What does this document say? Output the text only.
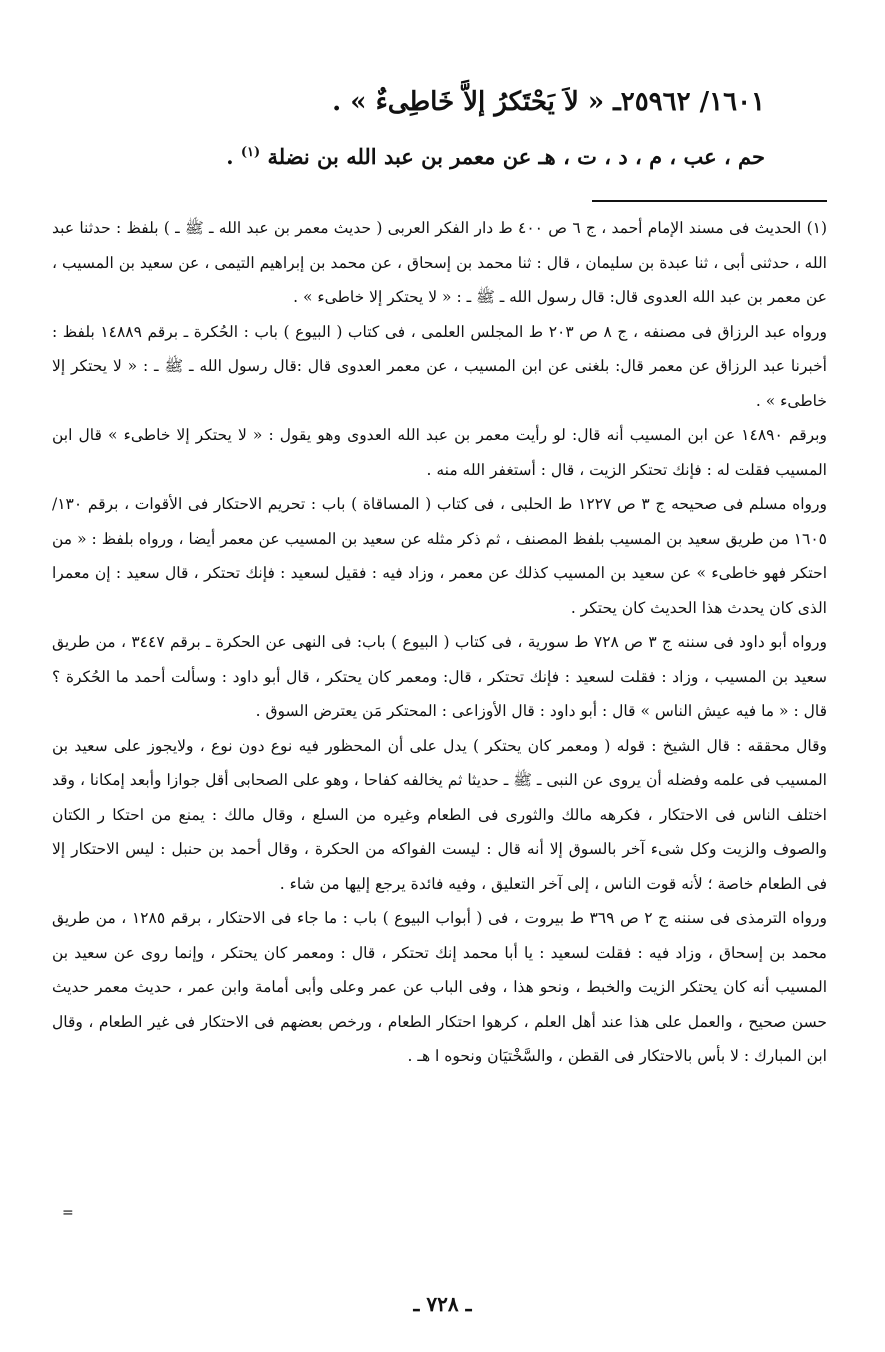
١٦٠١/ ٢٥٩٦٢ـ « لاَ يَحْتَكرُ إلاَّ خَاطِىءٌ » .
حم ، عب ، م ، د ، ت ، هـ عن معمر بن عبد الله بن نضلة $^{(١)}$ .

(١) الحديث فى مسند الإمام أحمد ، ج ٦ ص ٤٠٠ ط دار الفكر العربى ( حديث معمر بن عبد الله ـ ﷺ ـ ) بلفظ : حدثنا عبد الله ، حدثنى أبى ، ثنا عبدة بن سليمان ، قال : ثنا محمد بن إسحاق ، عن محمد بن إبراهيم التيمى ، عن سعيد بن المسيب ، عن معمر بن عبد الله العدوى قال: قال رسول الله ـ ﷺ ـ : « لا يحتكر إلا خاطىء » .

ورواه عبد الرزاق فى مصنفه ، ج ٨ ص ٢٠٣ ط المجلس العلمى ، فى كتاب ( البيوع ) باب : الحُكرة ـ برقم ١٤٨٨٩ بلفظ : أخبرنا عبد الرزاق عن معمر قال: بلغنى عن ابن المسيب ، عن معمر العدوى قال :قال رسول الله ـ ﷺ ـ : « لا يحتكر إلا خاطىء » .

وبرقم ١٤٨٩٠ عن ابن المسيب أنه قال: لو رأيت معمر بن عبد الله العدوى وهو يقول : « لا يحتكر إلا خاطىء » قال ابن المسيب فقلت له : فإنك تحتكر الزيت ، قال : أستغفر الله منه .

ورواه مسلم فى صحيحه ج ٣ ص ١٢٢٧ ط الحلبى ، فى كتاب ( المساقاة ) باب : تحريم الاحتكار فى الأقوات ، برقم ١٣٠/ ١٦٠٥ من طريق سعيد بن المسيب بلفظ المصنف ، ثم ذكر مثله عن سعيد بن المسيب عن معمر أيضا ، ورواه بلفظ : « من احتكر فهو خاطىء » عن سعيد بن المسيب كذلك عن معمر ، وزاد فيه : فقيل لسعيد : فإنك تحتكر ، قال سعيد : إن معمرا الذى كان يحدث هذا الحديث كان يحتكر .

ورواه أبو داود فى سننه ج ٣ ص ٧٢٨ ط سورية ، فى كتاب ( البيوع ) باب: فى النهى عن الحكرة ـ برقم ٣٤٤٧ ، من طريق سعيد بن المسيب ، وزاد : فقلت لسعيد : فإنك تحتكر ، قال: ومعمر كان يحتكر ، قال أبو داود : وسألت أحمد ما الحُكرة ؟ قال : « ما فيه عيش الناس » قال : أبو داود : قال الأوزاعى : المحتكر مَن يعترض السوق .

وقال محققه : قال الشيخ : قوله ( ومعمر كان يحتكر ) يدل على أن المحظور فيه نوع دون نوع ، ولايجوز على سعيد بن المسيب فى علمه وفضله أن يروى عن النبى ـ ﷺ ـ حديثا ثم يخالفه كفاحا ، وهو على الصحابى أقل جوازا وأبعد إمكانا ، وقد اختلف الناس فى الاحتكار ، فكرهه مالك والثورى فى الطعام وغيره من السلع ، وقال مالك : يمنع من احتكا ر الكتان والصوف والزيت وكل شىء آخر بالسوق إلا أنه قال : ليست الفواكه من الحكرة ، وقال أحمد بن حنبل : ليس الاحتكار إلا فى الطعام خاصة ؛ لأنه قوت الناس ، إلى آخر التعليق ، وفيه فائدة يرجع إليها من شاء .

ورواه الترمذى فى سننه ج ٢ ص ٣٦٩ ط بيروت ، فى ( أبواب البيوع ) باب : ما جاء فى الاحتكار ، برقم ١٢٨٥ ، من طريق محمد بن إسحاق ، وزاد فيه : فقلت لسعيد : يا أبا محمد إنك تحتكر ، قال : ومعمر كان يحتكر ، وإنما روى عن سعيد بن المسيب أنه كان يحتكر الزيت والخبط ، ونحو هذا ، وفى الباب عن عمر وعلى وأبى أمامة وابن عمر ، حديث معمر حديث حسن صحيح ، والعمل على هذا عند أهل العلم ، كرهوا احتكار الطعام ، ورخص بعضهم فى الاحتكار فى غير الطعام ، وقال ابن المبارك : لا بأس بالاحتكار فى القطن ، والسَّخْتيَان ونحوه ا هـ .

=
ـ ٧٢٨ ـ
